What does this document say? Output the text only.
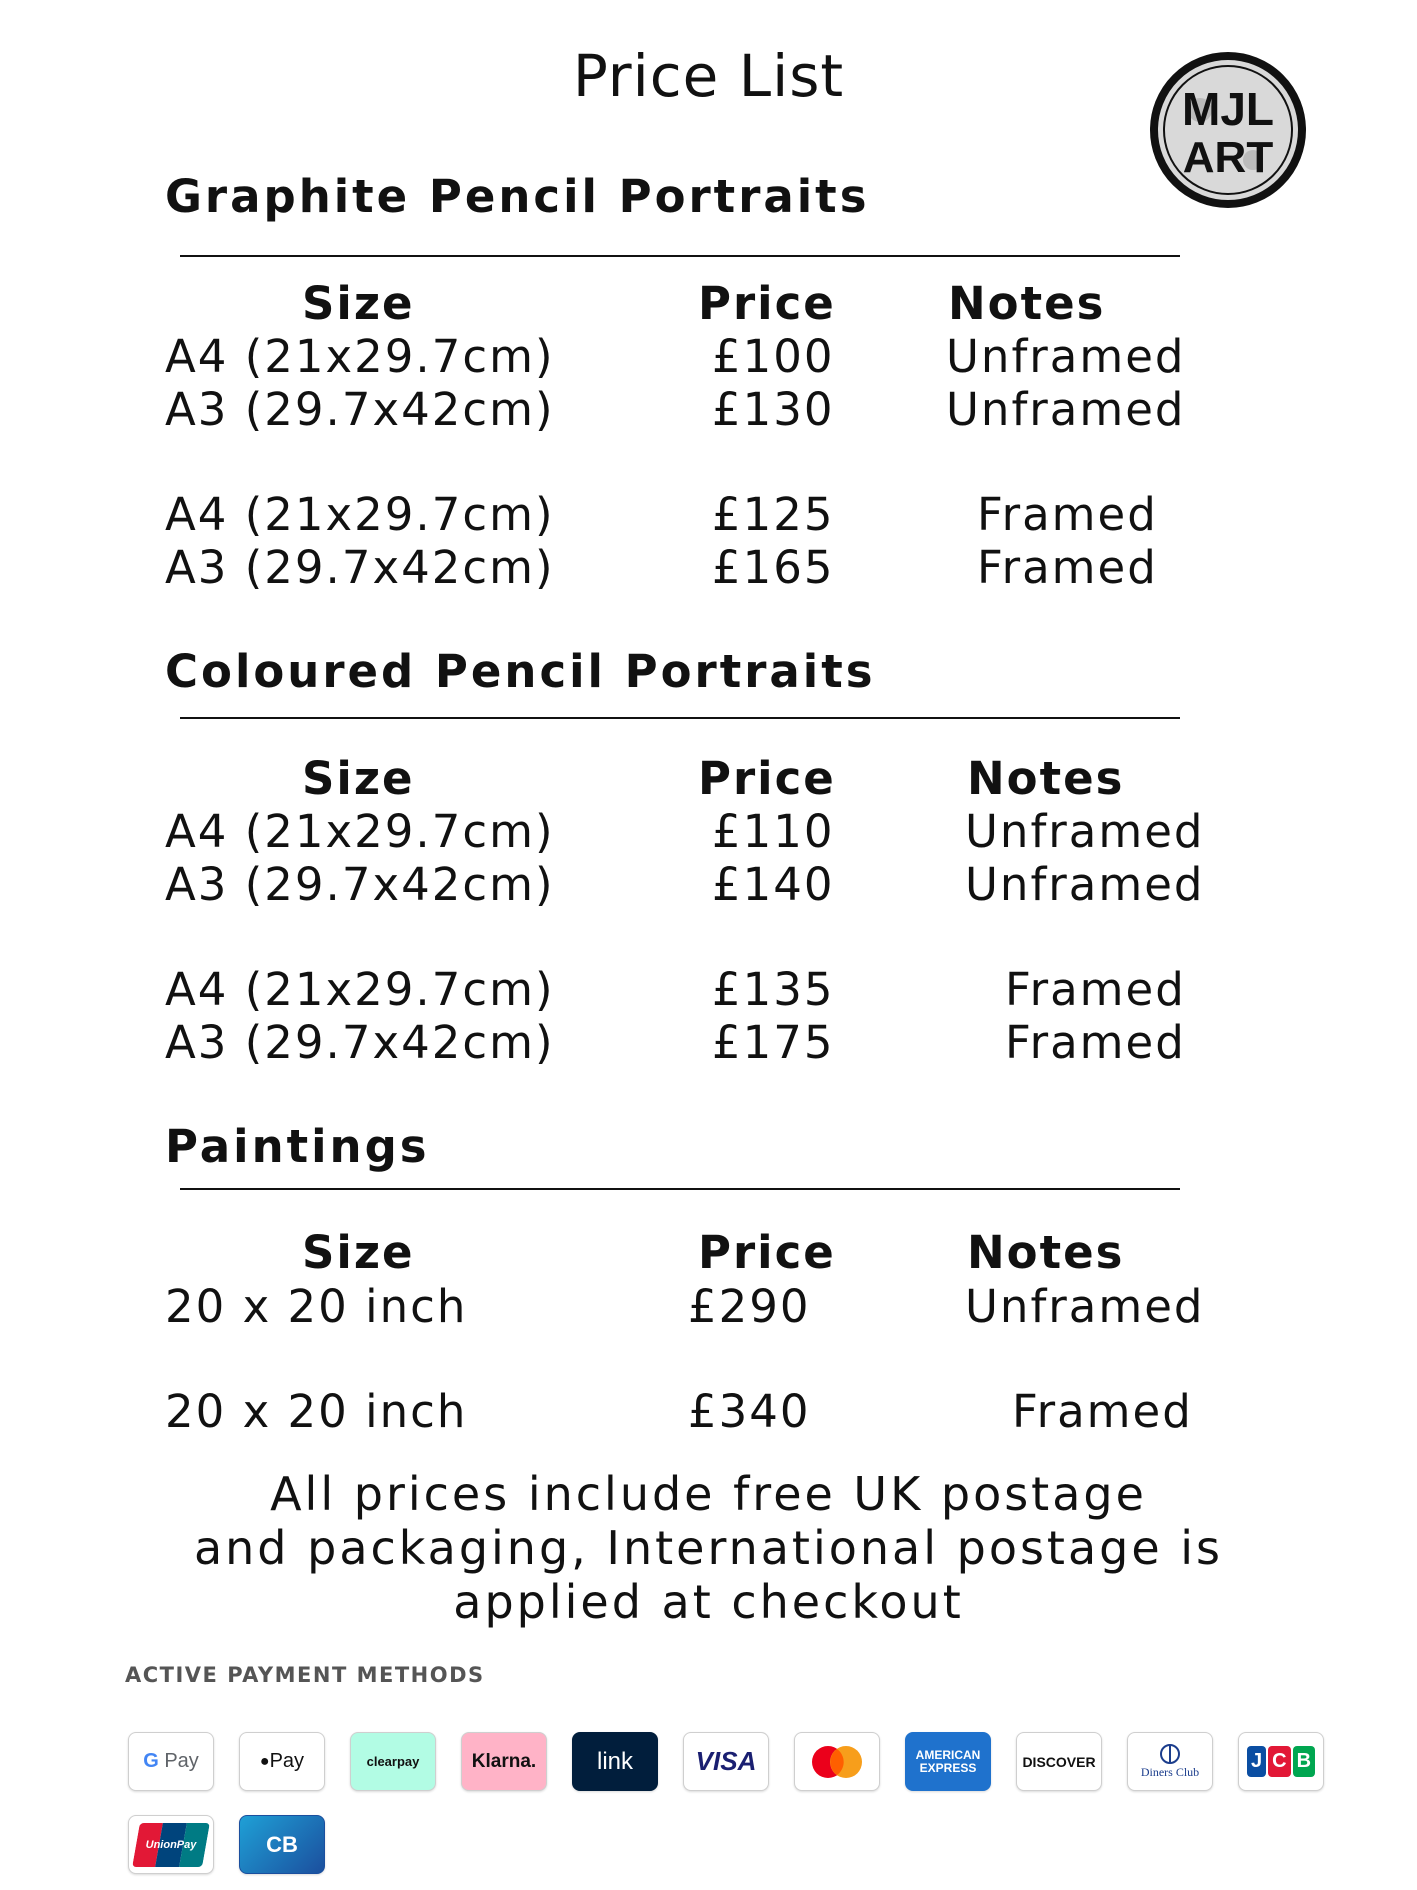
Price List	MJL
ART
Graphite Pencil Portraits
Size	Price Notes
A4 (21x29.7cm)	£100 Unframed
A3 (29.7x42cm)	£130 Unframed
A4 (21x29.7cm)	£125	Framed
A3 (29.7x42cm)	£165	Framed
Coloured Pencil Portraits
Size	Price	Notes
A4 (21x29.7cm)	£110	Unframed
A3 (29.7x42cm)	£140	Unframed
A4 (21x29.7cm)	£135	Framed
A3 (29.7x42cm)	£175	Framed
Paintings
Size	Price	Notes
20 x 20 inch	£290	Unframed
20 x 20 inch	£340	Framed
All prices include free UK postage
and packaging, International postage is
applied at checkout
ACTIVE PAYMENT METHODS
G
Pay	● Pay	clearpay	Klarna.	link VISA	AMERICAN EXPRESS	DISCOVER
Diners Club	J C B
UnionPay	CB
